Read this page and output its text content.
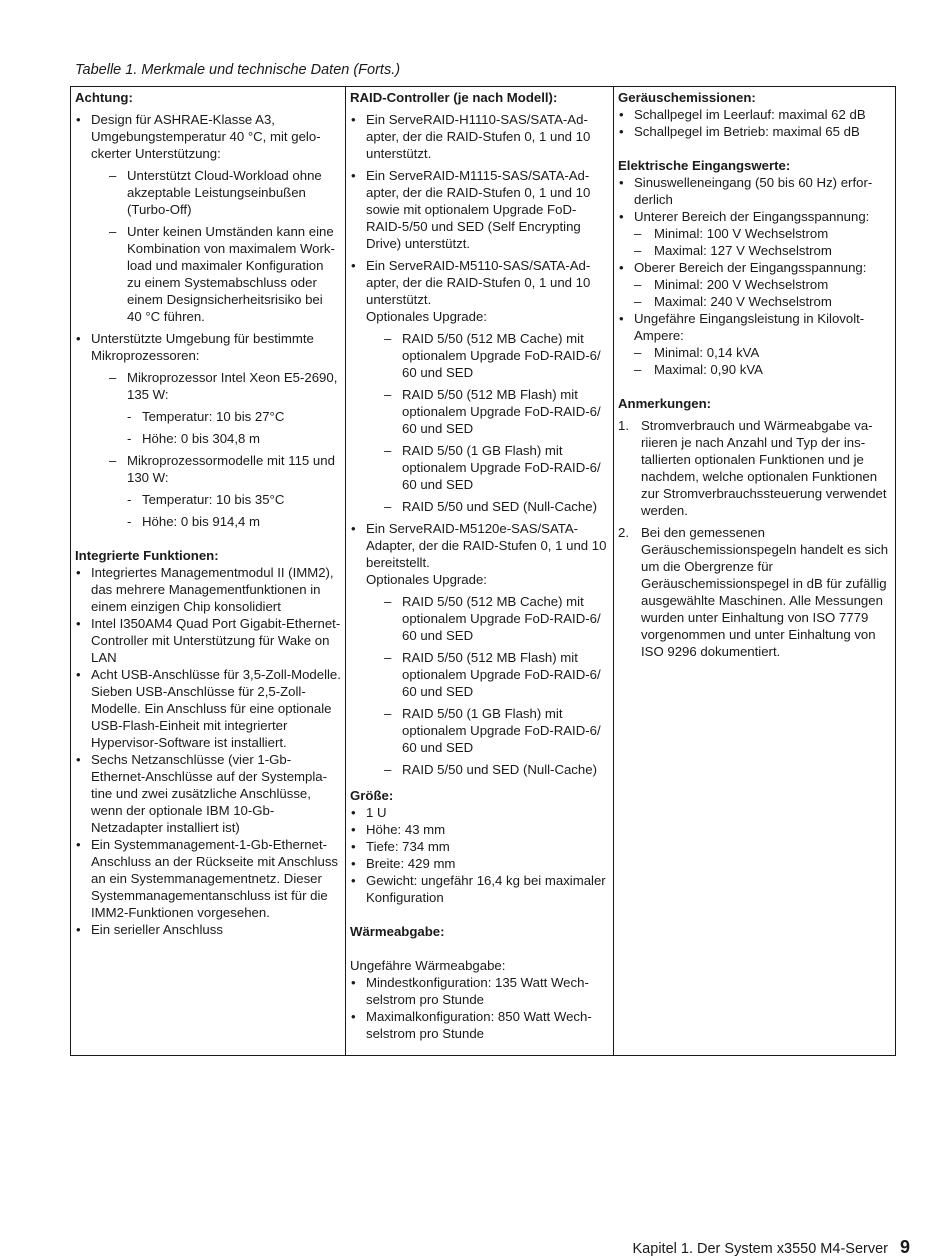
Tabelle 1. Merkmale und technische Daten (Forts.)
Achtung:
• Design für ASHRAE-Klasse A3, Umgebungstemperatur 40 °C, mit gelockerter Unterstützung:
– Unterstützt Cloud-Workload ohne akzeptable Leistungseinbußen (Turbo-Off)
– Unter keinen Umständen kann eine Kombination von maximalem Workload und maximaler Konfiguration zu einem Systemabschluss oder einem Designsicherheitsrisiko bei 40 °C führen.
• Unterstützte Umgebung für bestimmte Mikroprozessoren:
– Mikroprozessor Intel Xeon E5-2690, 135 W:
- Temperatur: 10 bis 27°C
- Höhe: 0 bis 304,8 m
– Mikroprozessormodelle mit 115 und 130 W:
- Temperatur: 10 bis 35°C
- Höhe: 0 bis 914,4 m
Integrierte Funktionen:
• Integriertes Managementmodul II (IMM2), das mehrere Managementfunktionen in einem einzigen Chip konsolidiert
• Intel I350AM4 Quad Port Gigabit-Ethernet-Controller mit Unterstützung für Wake on LAN
• Acht USB-Anschlüsse für 3,5-Zoll-Modelle. Sieben USB-Anschlüsse für 2,5-Zoll-Modelle. Ein Anschluss für eine optionale USB-Flash-Einheit mit integrierter Hypervisor-Software ist installiert.
• Sechs Netzanschlüsse (vier 1-Gb-Ethernet-Anschlüsse auf der Systemplatine und zwei zusätzliche Anschlüsse, wenn der optionale IBM 10-Gb-Netzadapter installiert ist)
• Ein Systemmanagement-1-Gb-Ethernet-Anschluss an der Rückseite mit Anschluss an ein Systemmanagementnetz. Dieser Systemmanagementanschluss ist für die IMM2-Funktionen vorgesehen.
• Ein serieller Anschluss
RAID-Controller (je nach Modell):
• Ein ServeRAID-H1110-SAS/SATA-Adapter, der die RAID-Stufen 0, 1 und 10 unterstützt.
• Ein ServeRAID-M1115-SAS/SATA-Adapter, der die RAID-Stufen 0, 1 und 10 sowie mit optionalem Upgrade FoD-RAID-5/50 und SED (Self Encrypting Drive) unterstützt.
• Ein ServeRAID-M5110-SAS/SATA-Adapter, der die RAID-Stufen 0, 1 und 10 unterstützt.
Optionales Upgrade:
– RAID 5/50 (512 MB Cache) mit optionalem Upgrade FoD-RAID-6/ 60 und SED
– RAID 5/50 (512 MB Flash) mit optionalem Upgrade FoD-RAID-6/ 60 und SED
– RAID 5/50 (1 GB Flash) mit optionalem Upgrade FoD-RAID-6/ 60 und SED
– RAID 5/50 und SED (Null-Cache)
• Ein ServeRAID-M5120e-SAS/SATA-Adapter, der die RAID-Stufen 0, 1 und 10 bereitstellt.
Optionales Upgrade:
– RAID 5/50 (512 MB Cache) mit optionalem Upgrade FoD-RAID-6/ 60 und SED
– RAID 5/50 (512 MB Flash) mit optionalem Upgrade FoD-RAID-6/ 60 und SED
– RAID 5/50 (1 GB Flash) mit optionalem Upgrade FoD-RAID-6/ 60 und SED
– RAID 5/50 und SED (Null-Cache)
Größe:
• 1 U
• Höhe: 43 mm
• Tiefe: 734 mm
• Breite: 429 mm
• Gewicht: ungefähr 16,4 kg bei maximaler Konfiguration
Wärmeabgabe:
Ungefähre Wärmeabgabe:
• Mindestkonfiguration: 135 Watt Wechselstrom pro Stunde
• Maximalkonfiguration: 850 Watt Wechselstrom pro Stunde
Geräuschemissionen:
• Schallpegel im Leerlauf: maximal 62 dB
• Schallpegel im Betrieb: maximal 65 dB
Elektrische Eingangswerte:
• Sinuswelleneingang (50 bis 60 Hz) erforderlich
• Unterer Bereich der Eingangsspannung:
– Minimal: 100 V Wechselstrom
– Maximal: 127 V Wechselstrom
• Oberer Bereich der Eingangsspannung:
– Minimal: 200 V Wechselstrom
– Maximal: 240 V Wechselstrom
• Ungefähre Eingangsleistung in Kilovolt-Ampere:
– Minimal: 0,14 kVA
– Maximal: 0,90 kVA
Anmerkungen:
1. Stromverbrauch und Wärmeabgabe variieren je nach Anzahl und Typ der installierten optionalen Funktionen und je nachdem, welche optionalen Funktionen zur Stromverbrauchssteuerung verwendet werden.
2. Bei den gemessenen Geräuschemissionspegeln handelt es sich um die Obergrenze für Geräuschemissionspegel in dB für zufällig ausgewählte Maschinen. Alle Messungen wurden unter Einhaltung von ISO 7779 vorgenommen und unter Einhaltung von ISO 9296 dokumentiert.
Kapitel 1. Der System x3550 M4-Server 9
